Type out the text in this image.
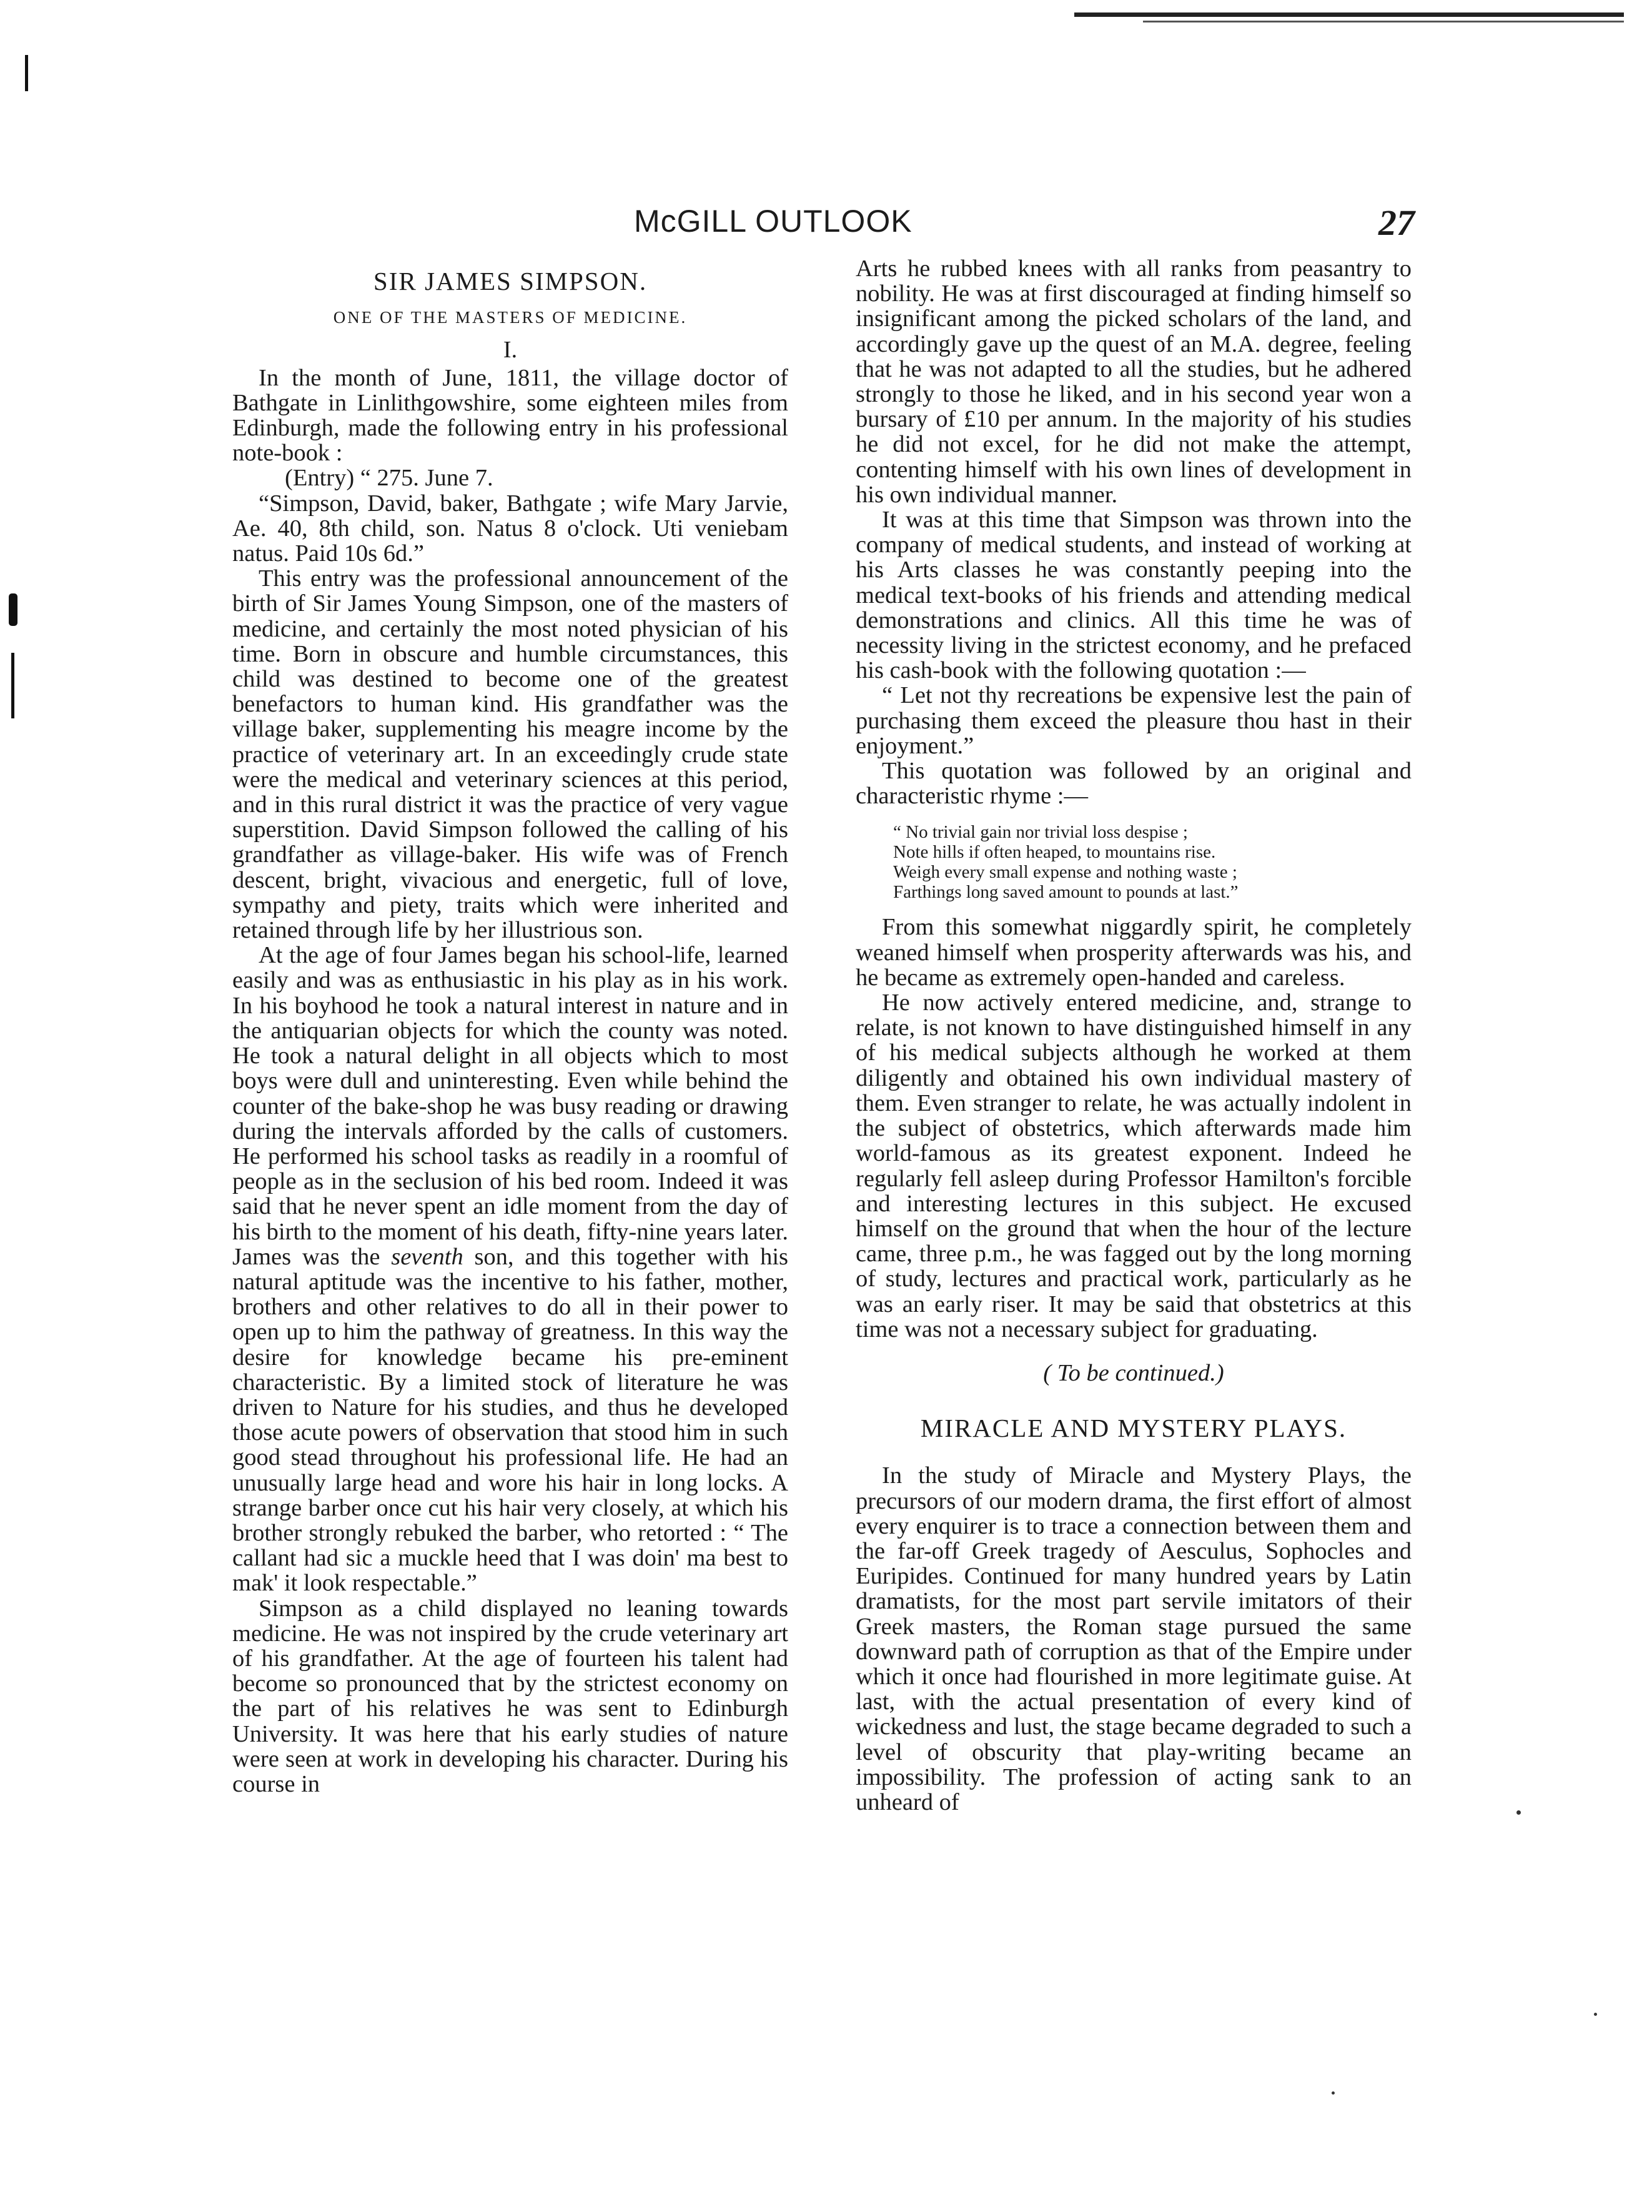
McGILL OUTLOOK	27
SIR JAMES SIMPSON.
ONE OF THE MASTERS OF MEDICINE.
I.

In the month of June, 1811, the village doctor of Bathgate in Linlithgowshire, some eighteen miles from Edinburgh, made the following entry in his professional note-book :

(Entry) “ 275. June 7.

“Simpson, David, baker, Bathgate ; wife Mary Jarvie, Ae. 40, 8th child, son. Natus 8 o'clock. Uti veniebam natus. Paid 10s 6d.”

This entry was the professional announcement of the birth of Sir James Young Simpson, one of the masters of medicine, and certainly the most noted physician of his time. Born in obscure and humble circumstances, this child was destined to become one of the greatest benefactors to human kind. His grandfather was the village baker, supplementing his meagre income by the practice of veterinary art. In an exceedingly crude state were the medical and veterinary sciences at this period, and in this rural district it was the practice of very vague superstition. David Simpson followed the calling of his grandfather as village-baker. His wife was of French descent, bright, vivacious and energetic, full of love, sympathy and piety, traits which were inherited and retained through life by her illustrious son.

At the age of four James began his school-life, learned easily and was as enthusiastic in his play as in his work. In his boyhood he took a natural interest in nature and in the antiquarian objects for which the county was noted. He took a natural delight in all objects which to most boys were dull and uninteresting. Even while behind the counter of the bake-shop he was busy reading or drawing during the intervals afforded by the calls of customers. He performed his school tasks as readily in a roomful of people as in the seclusion of his bed room. Indeed it was said that he never spent an idle moment from the day of his birth to the moment of his death, fifty-nine years later. James was the seventh son, and this together with his natural aptitude was the incentive to his father, mother, brothers and other relatives to do all in their power to open up to him the pathway of greatness. In this way the desire for knowledge became his pre-eminent characteristic. By a limited stock of literature he was driven to Nature for his studies, and thus he developed those acute powers of observation that stood him in such good stead throughout his professional life. He had an unusually large head and wore his hair in long locks. A strange barber once cut his hair very closely, at which his brother strongly rebuked the barber, who retorted : “ The callant had sic a muckle heed that I was doin' ma best to mak' it look respectable.”

Simpson as a child displayed no leaning towards medicine. He was not inspired by the crude veterinary art of his grandfather. At the age of fourteen his talent had become so pronounced that by the strictest economy on the part of his relatives he was sent to Edinburgh University. It was here that his early studies of nature were seen at work in developing his character. During his course in

Arts he rubbed knees with all ranks from peasantry to nobility. He was at first discouraged at finding himself so insignificant among the picked scholars of the land, and accordingly gave up the quest of an M.A. degree, feeling that he was not adapted to all the studies, but he adhered strongly to those he liked, and in his second year won a bursary of £10 per annum. In the majority of his studies he did not excel, for he did not make the attempt, contenting himself with his own lines of development in his own individual manner.

It was at this time that Simpson was thrown into the company of medical students, and instead of working at his Arts classes he was constantly peeping into the medical text-books of his friends and attending medical demonstrations and clinics. All this time he was of necessity living in the strictest economy, and he prefaced his cash-book with the following quotation :—

“ Let not thy recreations be expensive lest the pain of purchasing them exceed the pleasure thou hast in their enjoyment.”

This quotation was followed by an original and characteristic rhyme :—

“ No trivial gain nor trivial loss despise ;
Note hills if often heaped, to mountains rise.
Weigh every small expense and nothing waste ;
Farthings long saved amount to pounds at last.”

From this somewhat niggardly spirit, he completely weaned himself when prosperity afterwards was his, and he became as extremely open-handed and careless.

He now actively entered medicine, and, strange to relate, is not known to have distinguished himself in any of his medical subjects although he worked at them diligently and obtained his own individual mastery of them. Even stranger to relate, he was actually indolent in the subject of obstetrics, which afterwards made him world-famous as its greatest exponent. Indeed he regularly fell asleep during Professor Hamilton's forcible and interesting lectures in this subject. He excused himself on the ground that when the hour of the lecture came, three p.m., he was fagged out by the long morning of study, lectures and practical work, particularly as he was an early riser. It may be said that obstetrics at this time was not a necessary subject for graduating.

( To be continued.)
MIRACLE AND MYSTERY PLAYS.

In the study of Miracle and Mystery Plays, the precursors of our modern drama, the first effort of almost every enquirer is to trace a connection between them and the far-off Greek tragedy of Aesculus, Sophocles and Euripides. Continued for many hundred years by Latin dramatists, for the most part servile imitators of their Greek masters, the Roman stage pursued the same downward path of corruption as that of the Empire under which it once had flourished in more legitimate guise. At last, with the actual presentation of every kind of wickedness and lust, the stage became degraded to such a level of obscurity that play-writing became an impossibility. The profession of acting sank to an unheard of
